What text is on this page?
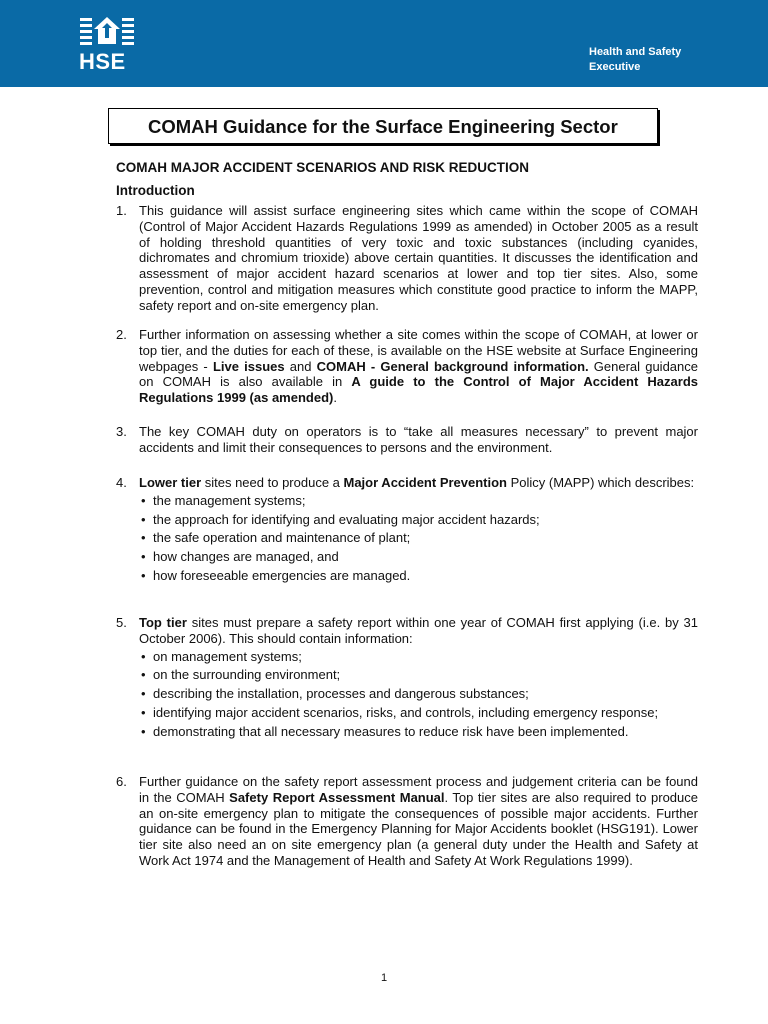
HSE	Health and Safety
Executive
COMAH Guidance for the Surface Engineering Sector
COMAH MAJOR ACCIDENT SCENARIOS AND RISK REDUCTION
Introduction
1. This guidance will assist surface engineering sites which came within the scope of COMAH (Control of Major Accident Hazards Regulations 1999 as amended) in October 2005 as a result of holding threshold quantities of very toxic and toxic substances (including cyanides, dichromates and chromium trioxide) above certain quantities. It discusses the identification and assessment of major accident hazard scenarios at lower and top tier sites. Also, some prevention, control and mitigation measures which constitute good practice to inform the MAPP, safety report and on-site emergency plan.
2. Further information on assessing whether a site comes within the scope of COMAH, at lower or top tier, and the duties for each of these, is available on the HSE website at Surface Engineering webpages - Live issues and COMAH - General background information. General guidance on COMAH is also available in A guide to the Control of Major Accident Hazards Regulations 1999 (as amended).
3. The key COMAH duty on operators is to “take all measures necessary” to prevent major accidents and limit their consequences to persons and the environment.
4. Lower tier sites need to produce a Major Accident Prevention Policy (MAPP) which describes:
• the management systems;
• the approach for identifying and evaluating major accident hazards;
• the safe operation and maintenance of plant;
• how changes are managed, and
• how foreseeable emergencies are managed.
5. Top tier sites must prepare a safety report within one year of COMAH first applying (i.e. by 31 October 2006). This should contain information:
• on management systems;
• on the surrounding environment;
• describing the installation, processes and dangerous substances;
• identifying major accident scenarios, risks, and controls, including emergency response;
• demonstrating that all necessary measures to reduce risk have been implemented.
6. Further guidance on the safety report assessment process and judgement criteria can be found in the COMAH Safety Report Assessment Manual. Top tier sites are also required to produce an on-site emergency plan to mitigate the consequences of possible major accidents. Further guidance can be found in the Emergency Planning for Major Accidents booklet (HSG191). Lower tier site also need an on site emergency plan (a general duty under the Health and Safety at Work Act 1974 and the Management of Health and Safety At Work Regulations 1999).
1
